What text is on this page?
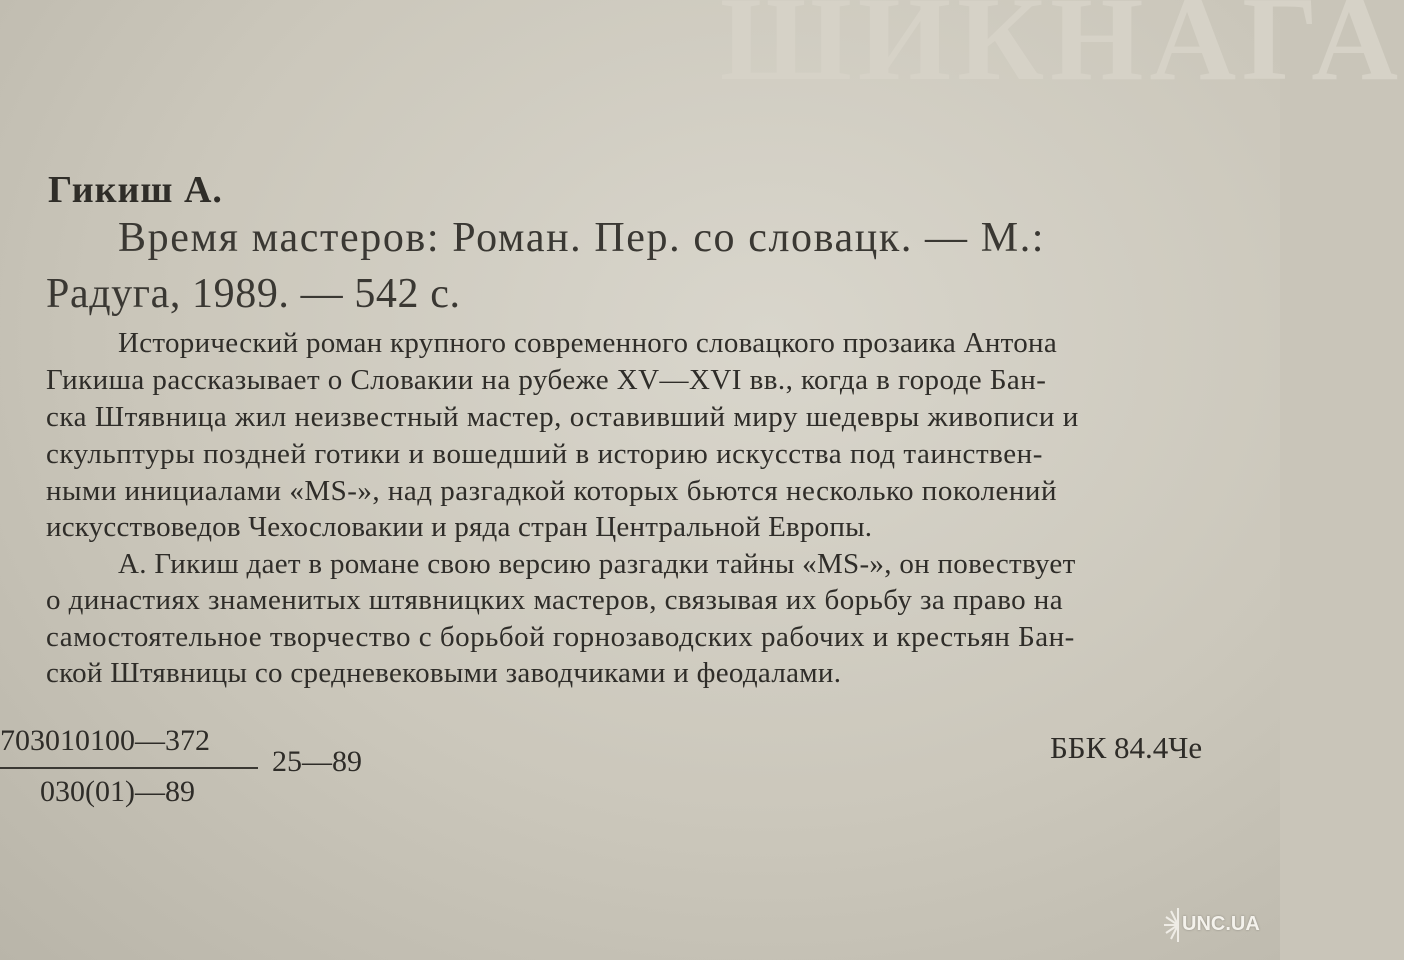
ШИКНАГА
Гикиш А.
Время мастеров: Роман. Пер. со словацк. — М.:
Радуга, 1989. — 542 с.
Исторический роман крупного современного словацкого прозаика Антона
Гикиша рассказывает о Словакии на рубеже XV—XVI вв., когда в городе Бан-
ска Штявница жил неизвестный мастер, оставивший миру шедевры живописи и
скульптуры поздней готики и вошедший в историю искусства под таинствен-
ными инициалами «MS-», над разгадкой которых бьются несколько поколений
искусствоведов Чехословакии и ряда стран Центральной Европы.
А. Гикиш дает в романе свою версию разгадки тайны «MS-», он повествует
о династиях знаменитых штявницких мастеров, связывая их борьбу за право на
самостоятельное творчество с борьбой горнозаводских рабочих и крестьян Бан-
ской Штявницы со средневековыми заводчиками и феодалами.
703010100—372
030(01)—89
25—89	ББК 84.4Че
UNC.UA
